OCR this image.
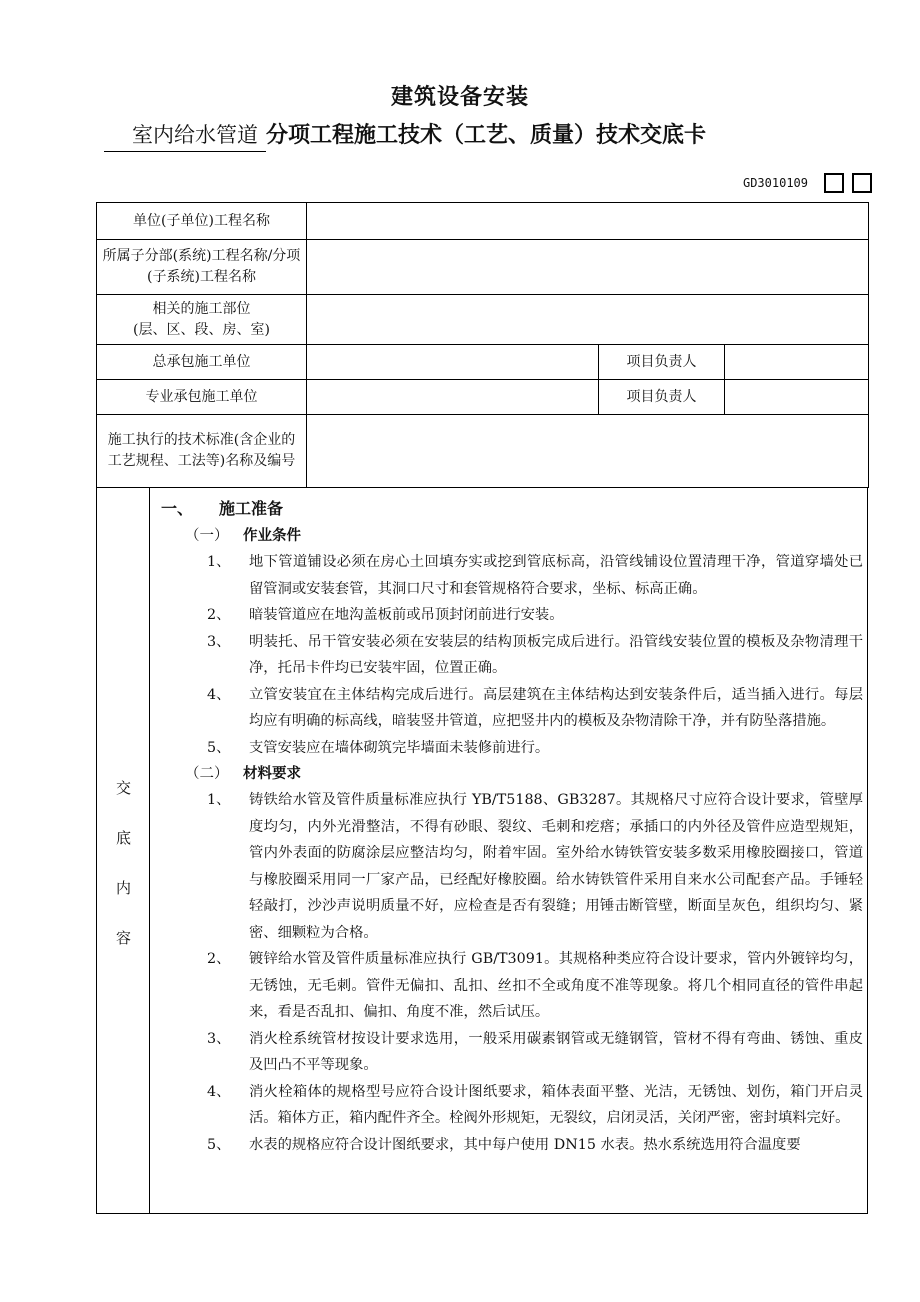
建筑设备安装
室内给水管道 分项工程施工技术（工艺、质量）技术交底卡
GD3010109
单位(子单位)工程名称			
所属子分部(系统)工程名称/分项(子系统)工程名称			

相关的施工部位
(层、区、段、房、室)			

总承包施工单位		项目负责人	
专业承包施工单位		项目负责人	
施工执行的技术标准(含企业的工艺规程、工法等)名称及编号			
交
底
内
容
一、 施工准备
（一） 作业条件
1、	地下管道铺设必须在房心土回填夯实或挖到管底标高，沿管线铺设位置清理干净，管道穿墙处已留管洞或安装套管，其洞口尺寸和套管规格符合要求，坐标、标高正确。
2、	暗装管道应在地沟盖板前或吊顶封闭前进行安装。
3、	明装托、吊干管安装必须在安装层的结构顶板完成后进行。沿管线安装位置的模板及杂物清理干净，托吊卡件均已安装牢固，位置正确。
4、	立管安装宜在主体结构完成后进行。高层建筑在主体结构达到安装条件后，适当插入进行。每层均应有明确的标高线，暗装竖井管道，应把竖井内的模板及杂物清除干净，并有防坠落措施。
5、	支管安装应在墙体砌筑完毕墙面未装修前进行。
（二） 材料要求
1、	铸铁给水管及管件质量标准应执行 YB/T5188、GB3287。其规格尺寸应符合设计要求，管壁厚度均匀，内外光滑整洁，不得有砂眼、裂纹、毛刺和疙瘩；承插口的内外径及管件应造型规矩，管内外表面的防腐涂层应整洁均匀，附着牢固。室外给水铸铁管安装多数采用橡胶圈接口，管道与橡胶圈采用同一厂家产品，已经配好橡胶圈。给水铸铁管件采用自来水公司配套产品。手锤轻轻敲打，沙沙声说明质量不好，应检查是否有裂缝；用锤击断管壁，断面呈灰色，组织均匀、紧密、细颗粒为合格。
2、	镀锌给水管及管件质量标准应执行 GB/T3091。其规格种类应符合设计要求，管内外镀锌均匀，无锈蚀，无毛刺。管件无偏扣、乱扣、丝扣不全或角度不准等现象。将几个相同直径的管件串起来，看是否乱扣、偏扣、角度不准，然后试压。
3、	消火栓系统管材按设计要求选用，一般采用碳素钢管或无缝钢管，管材不得有弯曲、锈蚀、重皮及凹凸不平等现象。
4、	消火栓箱体的规格型号应符合设计图纸要求，箱体表面平整、光洁，无锈蚀、划伤，箱门开启灵活。箱体方正，箱内配件齐全。栓阀外形规矩，无裂纹，启闭灵活，关闭严密，密封填料完好。
5、	水表的规格应符合设计图纸要求，其中每户使用 DN15 水表。热水系统选用符合温度要
